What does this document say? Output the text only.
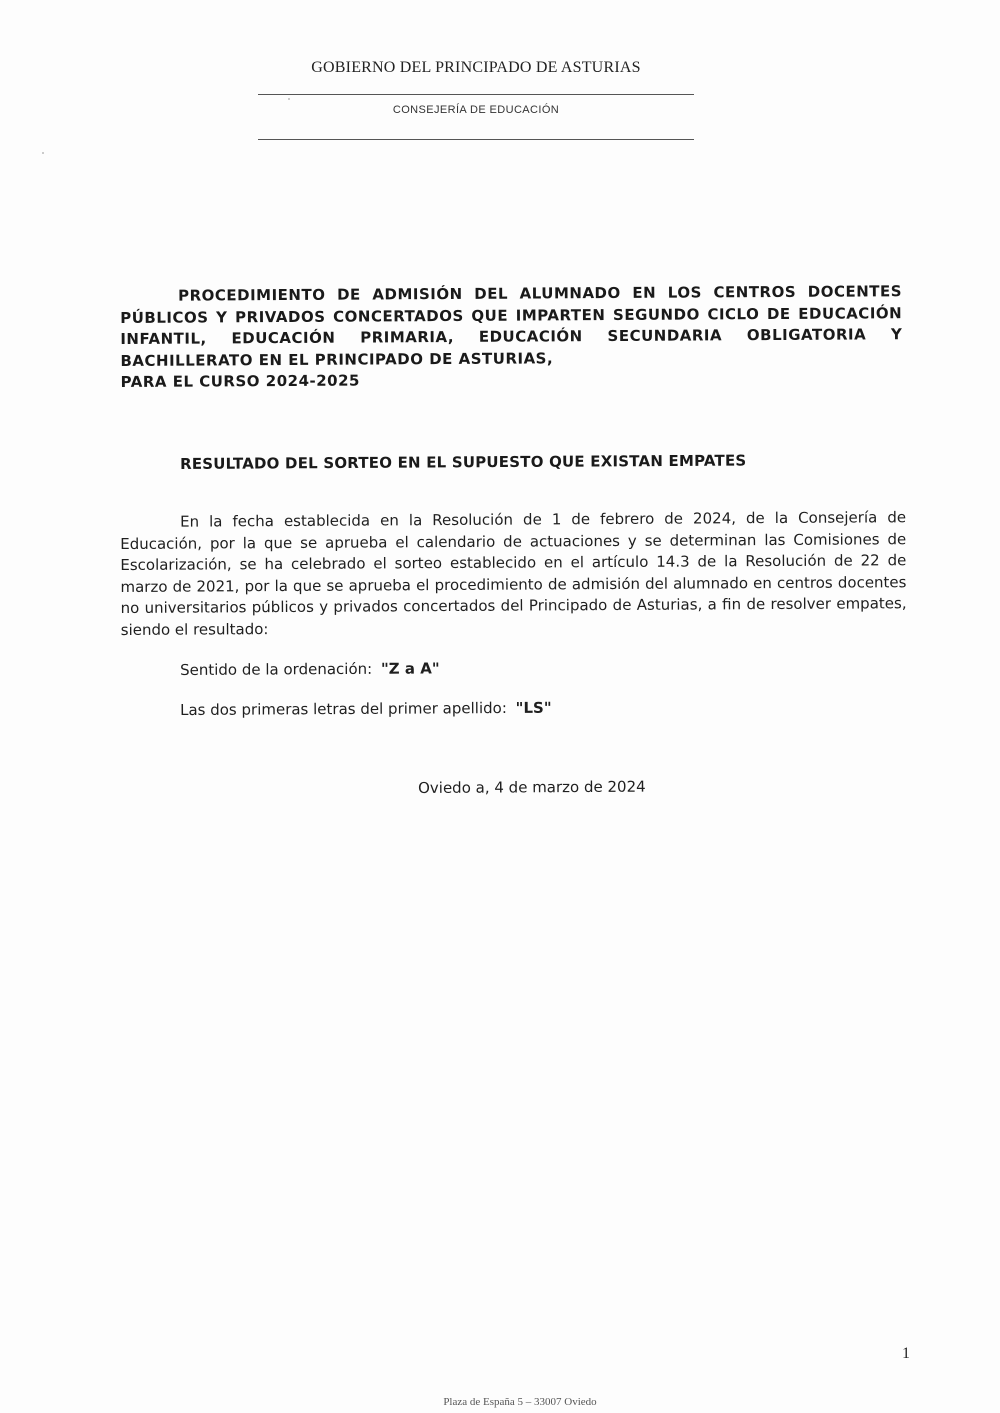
GOBIERNO DEL PRINCIPADO DE ASTURIAS

CONSEJERÍA DE EDUCACIÓN
PROCEDIMIENTO DE ADMISIÓN DEL ALUMNADO EN LOS CENTROS DOCENTES PÚBLICOS Y PRIVADOS CONCERTADOS QUE IMPARTEN SEGUNDO CICLO DE EDUCACIÓN INFANTIL, EDUCACIÓN PRIMARIA, EDUCACIÓN SECUNDARIA OBLIGATORIA Y BACHILLERATO EN EL PRINCIPADO DE ASTURIAS,
PARA EL CURSO 2024-2025
RESULTADO DEL SORTEO EN EL SUPUESTO QUE EXISTAN EMPATES
En la fecha establecida en la Resolución de 1 de febrero de 2024, de la Consejería de Educación, por la que se aprueba el calendario de actuaciones y se determinan las Comisiones de Escolarización, se ha celebrado el sorteo establecido en el artículo 14.3 de la Resolución de 22 de marzo de 2021, por la que se aprueba el procedimiento de admisión del alumnado en centros docentes no universitarios públicos y privados concertados del Principado de Asturias, a fin de resolver empates, siendo el resultado:
Sentido de la ordenación: "Z a A"
Las dos primeras letras del primer apellido: "LS"
Oviedo a, 4 de marzo de 2024
1
Plaza de España 5 – 33007 Oviedo
